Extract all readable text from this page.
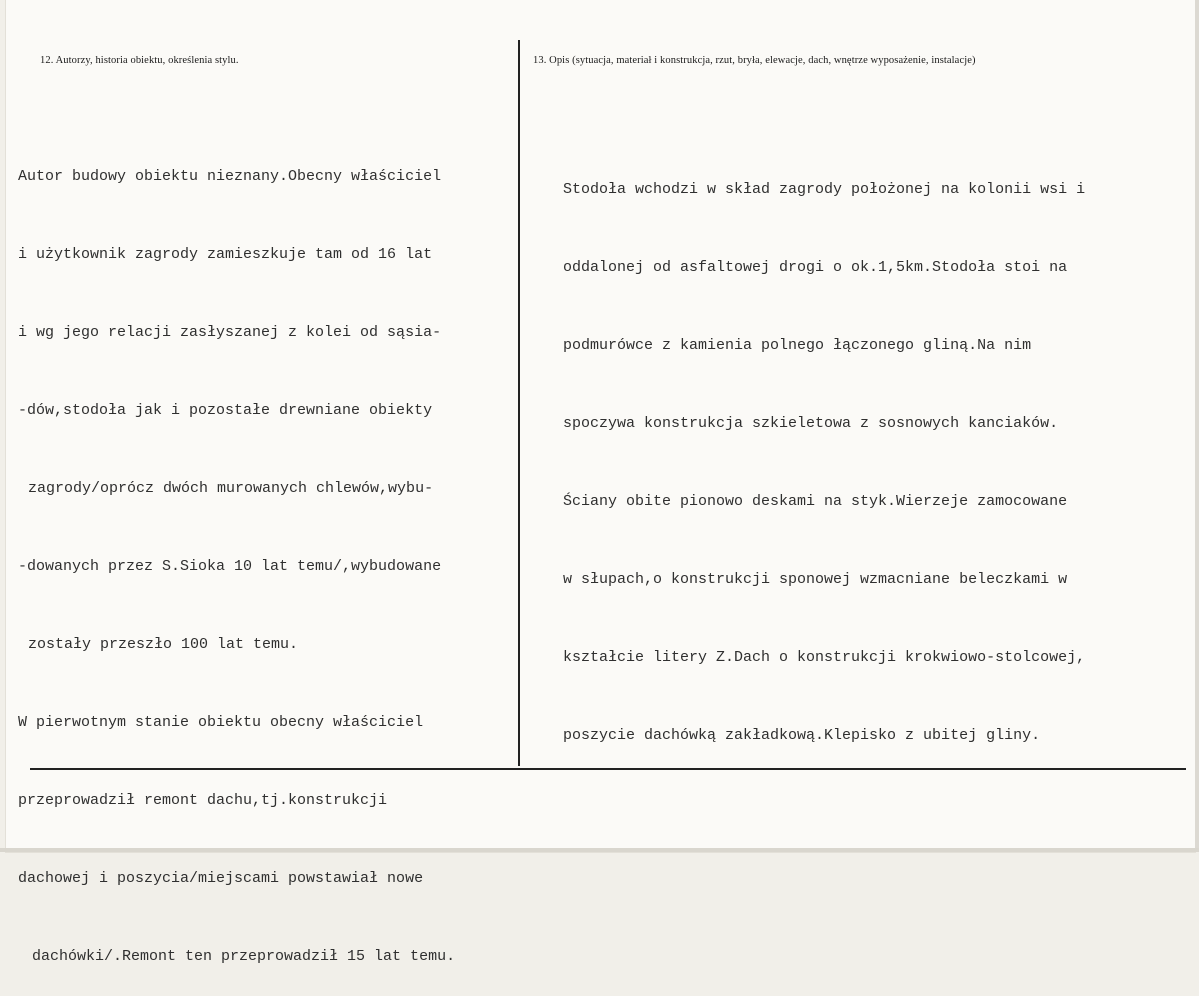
12. Autorzy, historia obiektu, określenia stylu.	13. Opis (sytuacja, materiał i konstrukcja, rzut, bryła, elewacje, dach, wnętrze wyposażenie, instalacje)

Autor budowy obiektu nieznany.Obecny właściciel

i użytkownik zagrody zamieszkuje tam od 16 lat

i wg jego relacji zasłyszanej z kolei od sąsia-

-dów,stodoła jak i pozostałe drewniane obiekty

zagrody/oprócz dwóch murowanych chlewów,wybu-

-dowanych przez S.Sioka 10 lat temu/,wybudowane

zostały przeszło 100 lat temu.

W pierwotnym stanie obiektu obecny właściciel

przeprowadził remont dachu,tj.konstrukcji

dachowej i poszycia/miejscami powstawiał nowe

dachówki/.Remont ten przeprowadził 15 lat temu.

Stodoła wchodzi w skład zagrody położonej na kolonii wsi i

oddalonej od asfaltowej drogi o ok.1,5km.Stodoła stoi na

podmurówce z kamienia polnego łączonego gliną.Na nim

spoczywa konstrukcja szkieletowa z sosnowych kanciaków.

Ściany obite pionowo deskami na styk.Wierzeje zamocowane

w słupach,o konstrukcji sponowej wzmacniane beleczkami w

kształcie litery Z.Dach o konstrukcji krokwiowo-stolcowej,

poszycie dachówką zakładkową.Klepisko z ubitej gliny.
